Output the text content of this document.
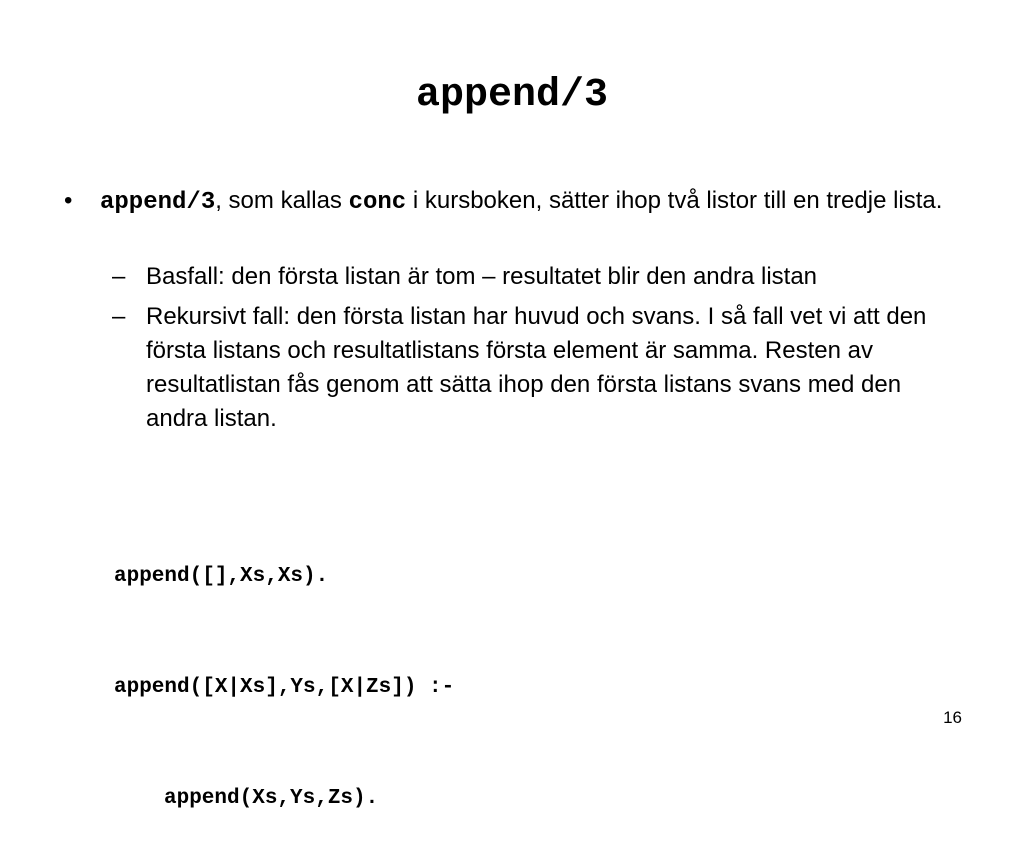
append/3
• append/3, som kallas conc i kursboken, sätter ihop två listor till en tredje lista.
– Basfall: den första listan är tom – resultatet blir den andra listan
– Rekursivt fall: den första listan har huvud och svans. I så fall vet vi att den första listans och resultatlistans första element är samma. Resten av resultatlistan fås genom att sätta ihop den första listans svans med den andra listan.

append([],Xs,Xs).

append([X|Xs],Ys,[X|Zs]) :-

append(Xs,Ys,Zs).

16
